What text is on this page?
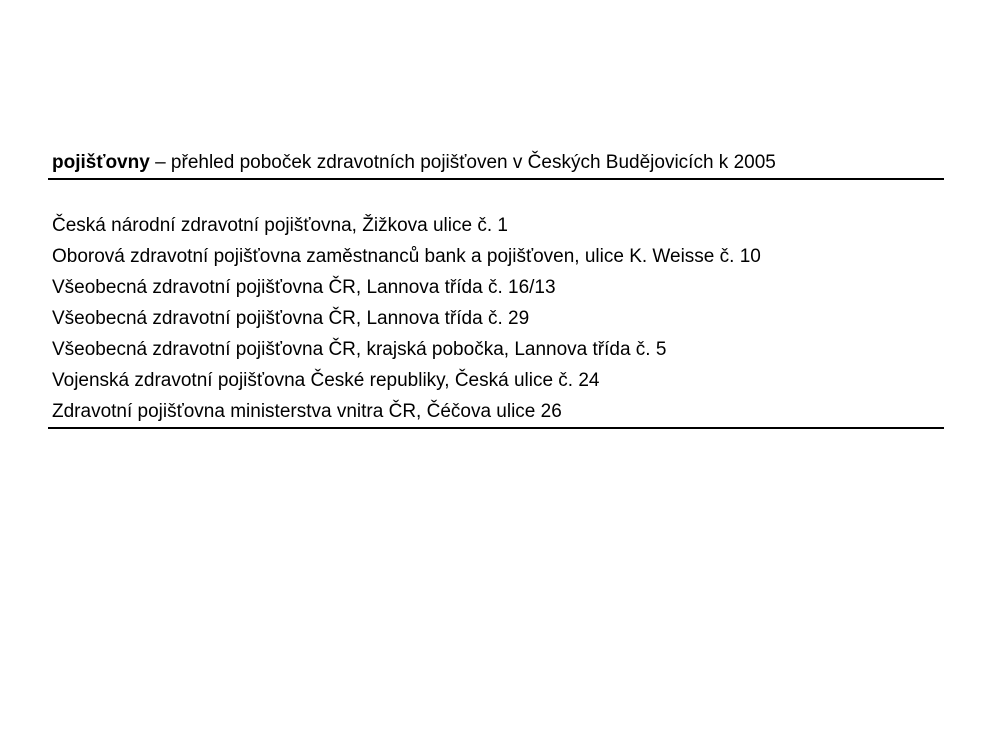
pojišťovny – přehled poboček zdravotních pojišťoven v Českých Budějovicích k 2005
Česká národní zdravotní pojišťovna, Žižkova ulice č. 1
Oborová zdravotní pojišťovna zaměstnanců bank a pojišťoven, ulice K. Weisse č. 10
Všeobecná zdravotní pojišťovna ČR, Lannova třída č. 16/13
Všeobecná zdravotní pojišťovna ČR, Lannova třída č. 29
Všeobecná zdravotní pojišťovna ČR, krajská pobočka, Lannova třída č. 5
Vojenská zdravotní pojišťovna České republiky, Česká ulice č. 24
Zdravotní pojišťovna ministerstva vnitra ČR, Čéčova ulice 26
